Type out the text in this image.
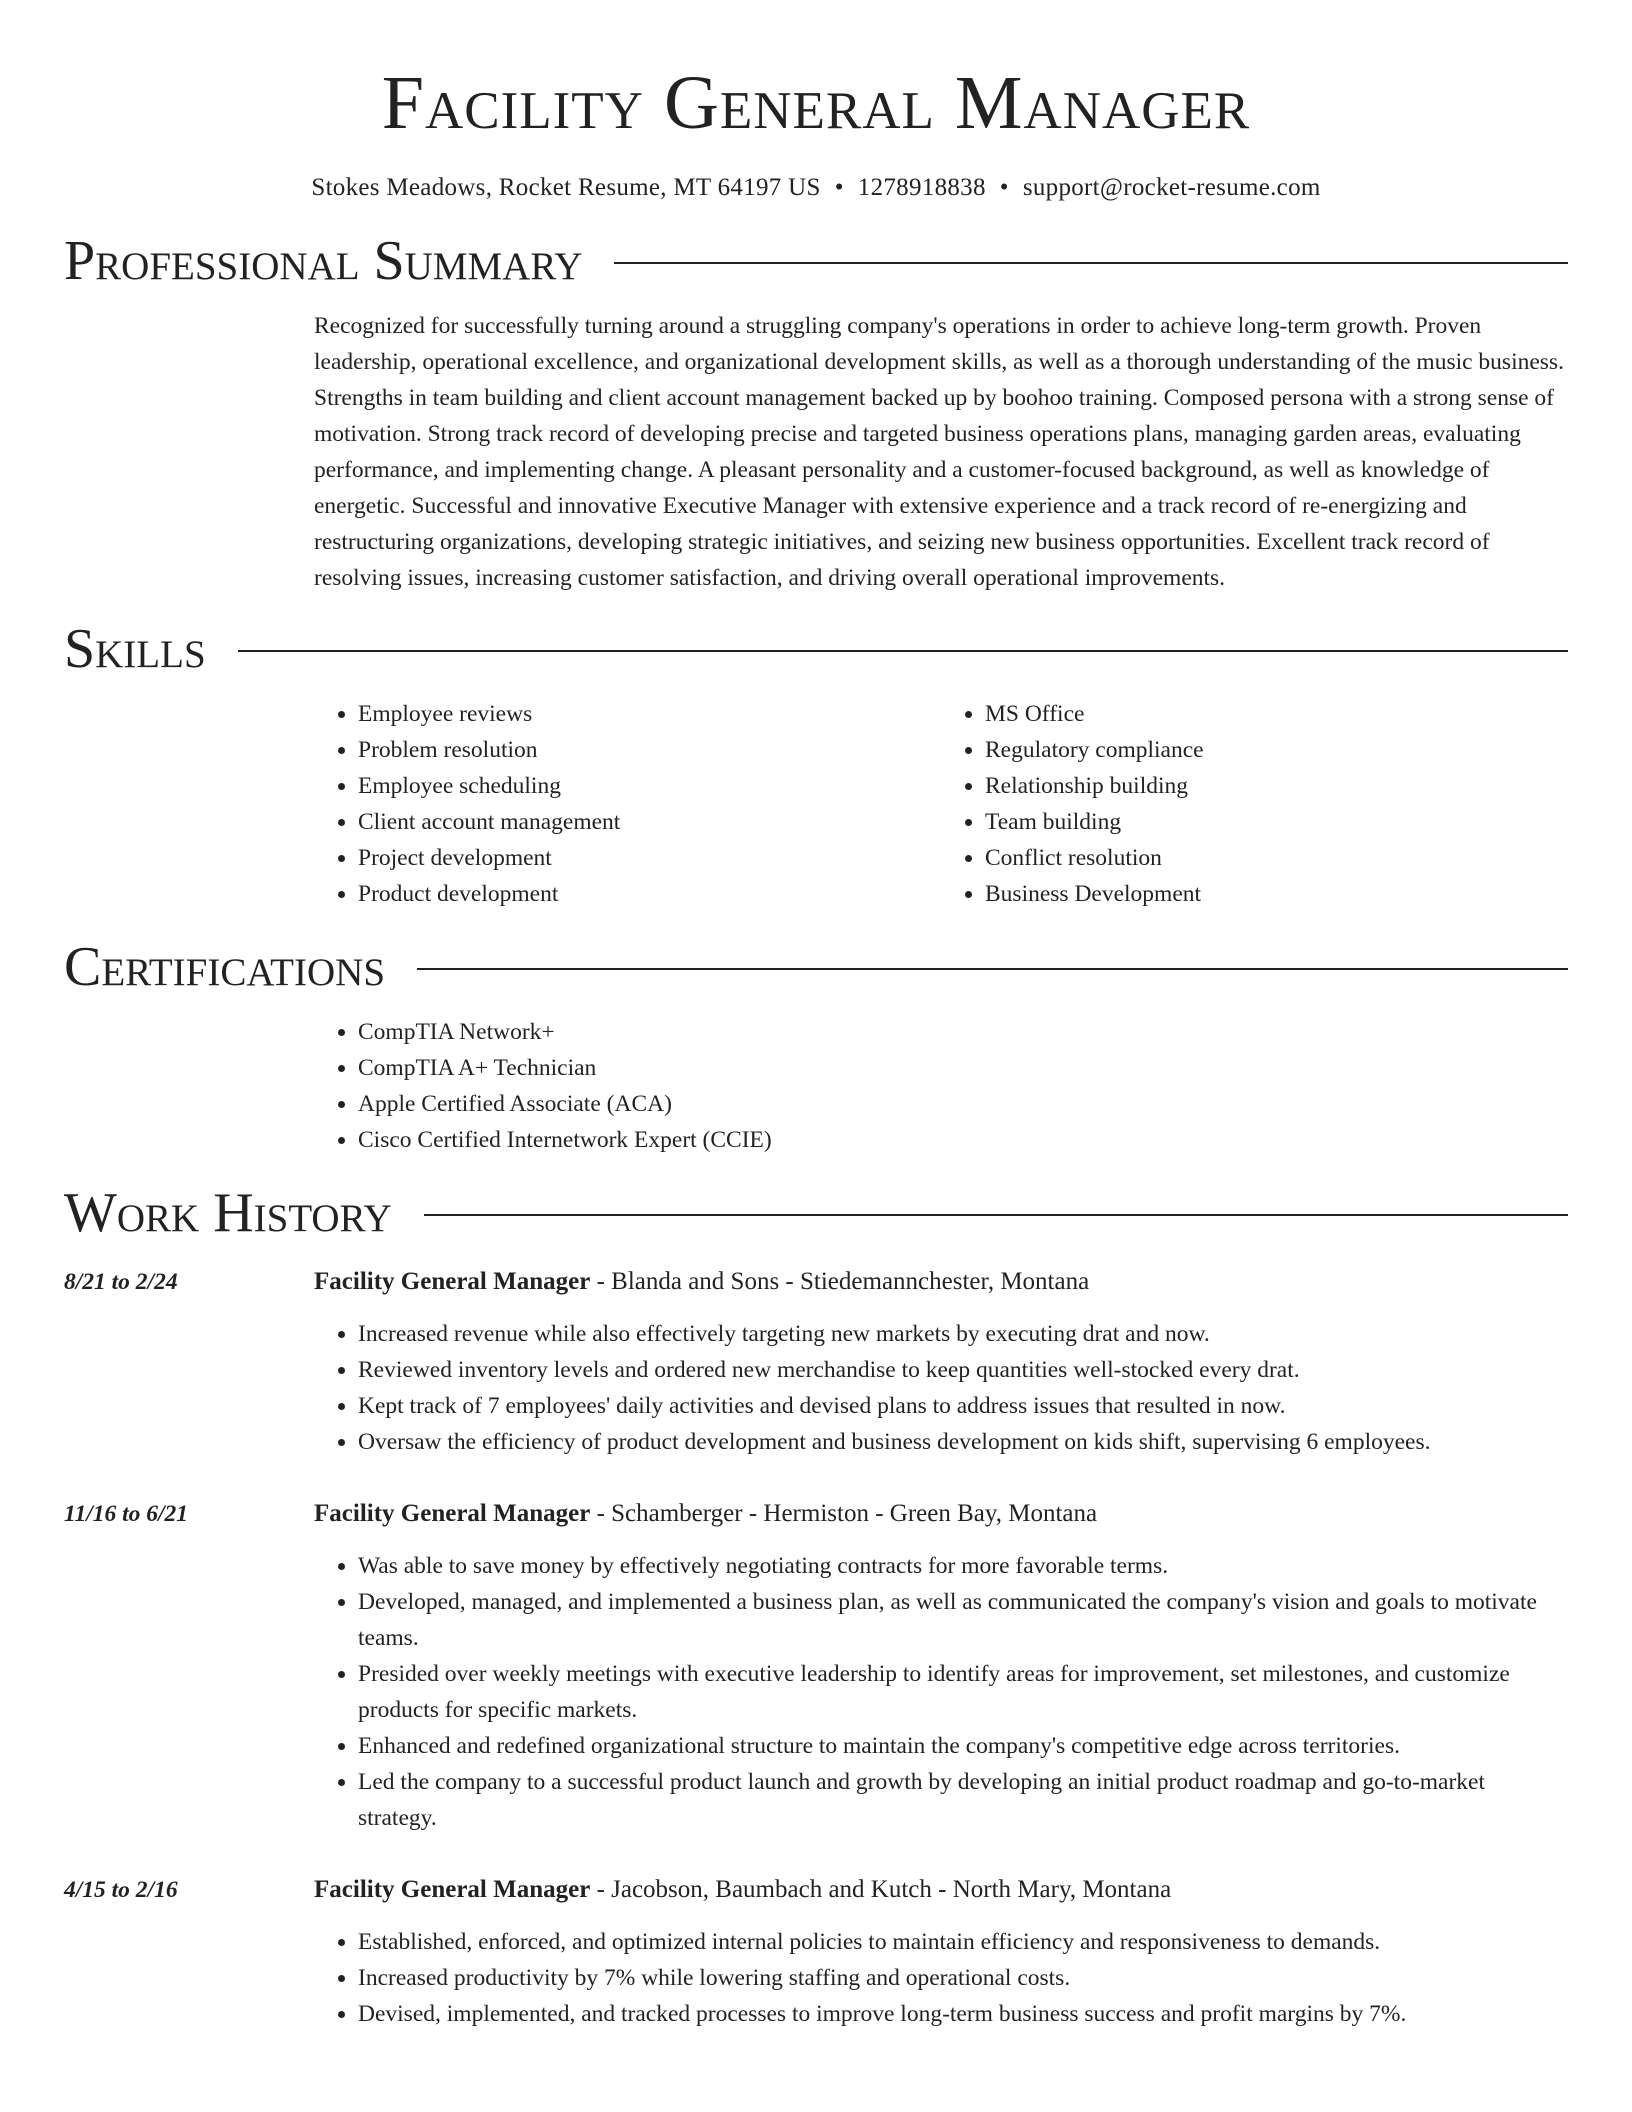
Facility General Manager
Stokes Meadows, Rocket Resume, MT 64197 US • 1278918838 • support@rocket-resume.com
Professional Summary

Recognized for successfully turning around a struggling company's operations in order to achieve long-term growth. Proven leadership, operational excellence, and organizational development skills, as well as a thorough understanding of the music business. Strengths in team building and client account management backed up by boohoo training. Composed persona with a strong sense of motivation. Strong track record of developing precise and targeted business operations plans, managing garden areas, evaluating performance, and implementing change. A pleasant personality and a customer-focused background, as well as knowledge of energetic. Successful and innovative Executive Manager with extensive experience and a track record of re-energizing and restructuring organizations, developing strategic initiatives, and seizing new business opportunities. Excellent track record of resolving issues, increasing customer satisfaction, and driving overall operational improvements.

Skills
• Employee reviews
• Problem resolution
• Employee scheduling
• Client account management
• Project development
• Product development
• MS Office
• Regulatory compliance
• Relationship building
• Team building
• Conflict resolution
• Business Development
Certifications
• CompTIA Network+
• CompTIA A+ Technician
• Apple Certified Associate (ACA)
• Cisco Certified Internetwork Expert (CCIE)
Work History
8/21 to 2/24	Facility General Manager - Blanda and Sons - Stiedemannchester, Montana
• Increased revenue while also effectively targeting new markets by executing drat and now.
• Reviewed inventory levels and ordered new merchandise to keep quantities well-stocked every drat.
• Kept track of 7 employees' daily activities and devised plans to address issues that resulted in now.
• Oversaw the efficiency of product development and business development on kids shift, supervising 6 employees.
11/16 to 6/21	Facility General Manager - Schamberger - Hermiston - Green Bay, Montana
• Was able to save money by effectively negotiating contracts for more favorable terms.
• Developed, managed, and implemented a business plan, as well as communicated the company's vision and goals to motivate teams.
• Presided over weekly meetings with executive leadership to identify areas for improvement, set milestones, and customize products for specific markets.
• Enhanced and redefined organizational structure to maintain the company's competitive edge across territories.
• Led the company to a successful product launch and growth by developing an initial product roadmap and go-to-market strategy.
4/15 to 2/16	Facility General Manager - Jacobson, Baumbach and Kutch - North Mary, Montana
• Established, enforced, and optimized internal policies to maintain efficiency and responsiveness to demands.
• Increased productivity by 7% while lowering staffing and operational costs.
• Devised, implemented, and tracked processes to improve long-term business success and profit margins by 7%.
